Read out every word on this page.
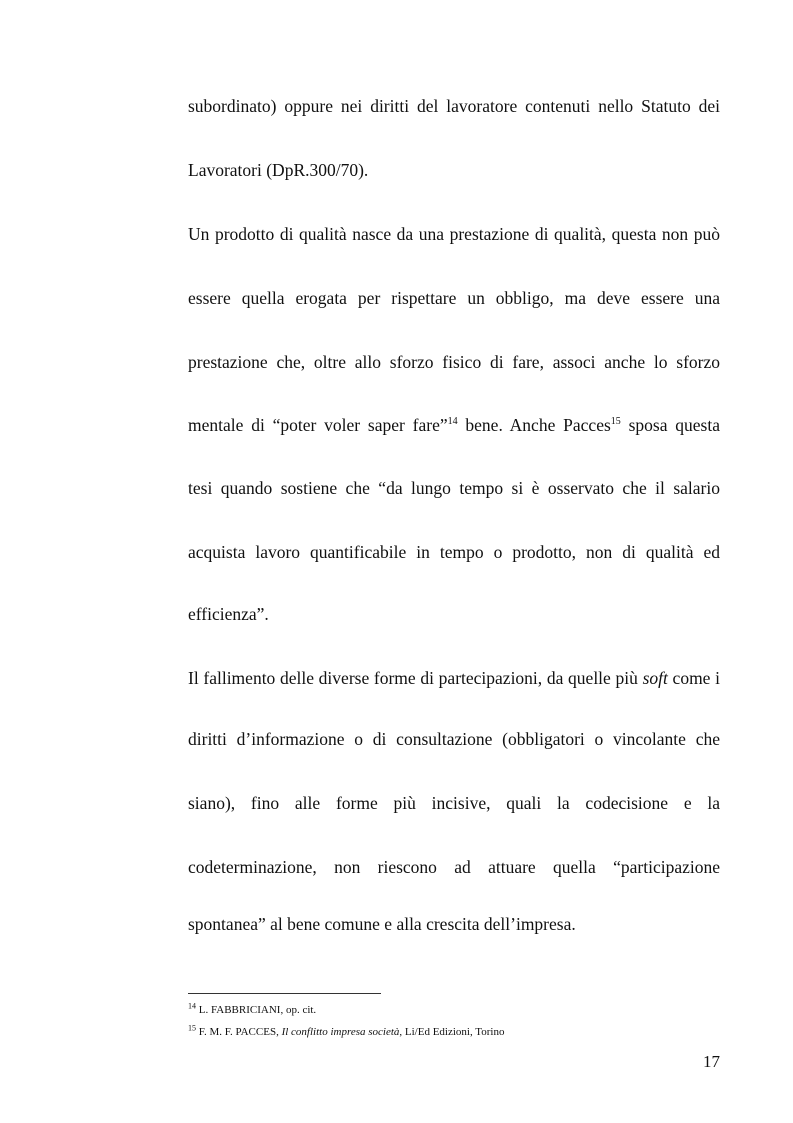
subordinato) oppure nei diritti del lavoratore contenuti nello Statuto dei

Lavoratori (DpR.300/70).

Un prodotto di qualità nasce da una prestazione di qualità, questa non può

essere quella erogata per rispettare un obbligo, ma deve essere una

prestazione che, oltre allo sforzo fisico di fare, associ anche lo sforzo

mentale di “poter voler saper fare”$^{14}$ bene. Anche Pacces$^{15}$ sposa questa

tesi quando sostiene che “da lungo tempo si è osservato che il salario

acquista lavoro quantificabile in tempo o prodotto, non di qualità ed

efficienza”.

Il fallimento delle diverse forme di partecipazioni, da quelle più soft come i

diritti d’informazione o di consultazione (obbligatori o vincolante che

siano), fino alle forme più incisive, quali la codecisione e la

codeterminazione, non riescono ad attuare quella “participazione

spontanea” al bene comune e alla crescita dell’impresa.

$^{14}$ L. FABBRICIANI, op. cit.
$^{15}$ F. M. F. PACCES, Il conflitto impresa società, Li/Ed Edizioni, Torino
17
